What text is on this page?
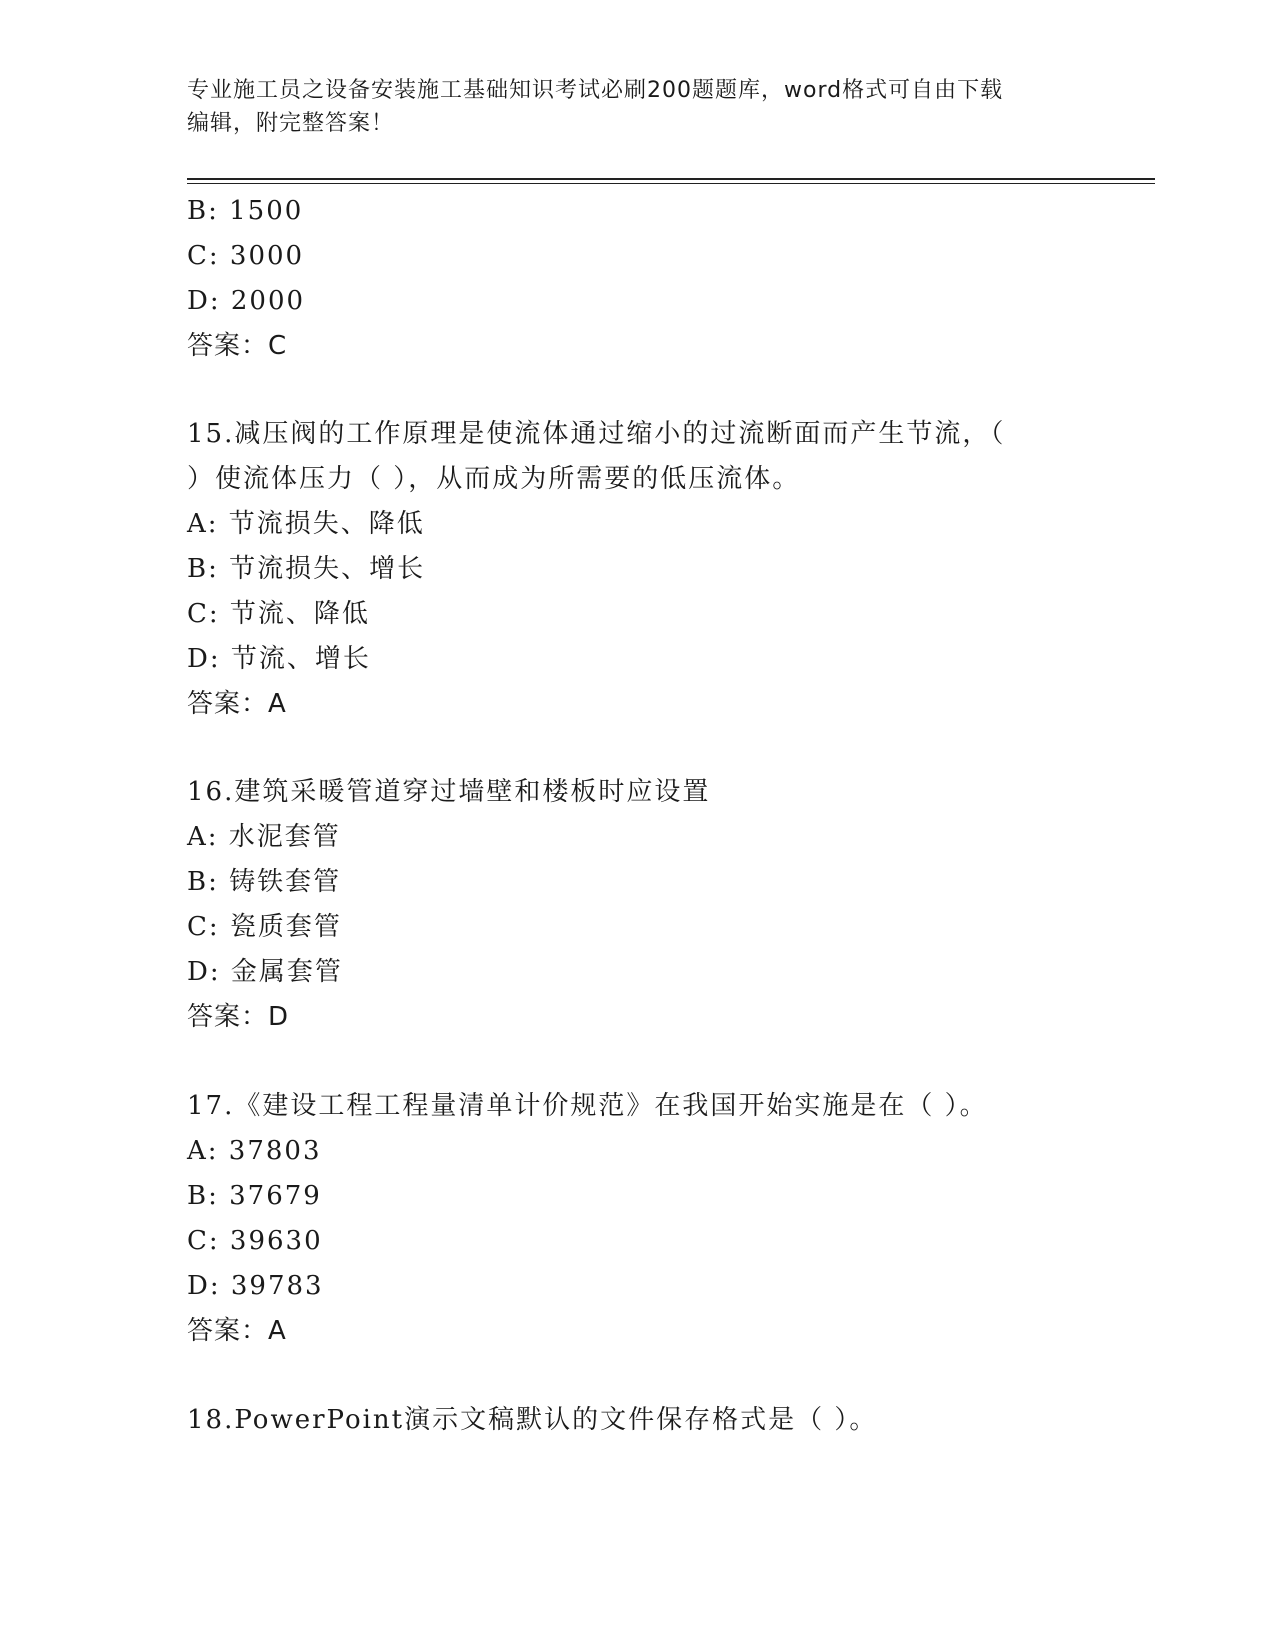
专业施工员之设备安装施工基础知识考试必刷200题题库，word格式可自由下载
编辑，附完整答案！
B: 1500
C: 3000
D: 2000
答案：C
15.减压阀的工作原理是使流体通过缩小的过流断面而产生节流，（
）使流体压力（ ），从而成为所需要的低压流体。
A: 节流损失、降低
B: 节流损失、增长
C: 节流、降低
D: 节流、增长
答案：A
16.建筑采暖管道穿过墙壁和楼板时应设置
A: 水泥套管
B: 铸铁套管
C: 瓷质套管
D: 金属套管
答案：D
17.《建设工程工程量清单计价规范》在我国开始实施是在（ ）。
A: 37803
B: 37679
C: 39630
D: 39783
答案：A
18.PowerPoint演示文稿默认的文件保存格式是（ ）。
